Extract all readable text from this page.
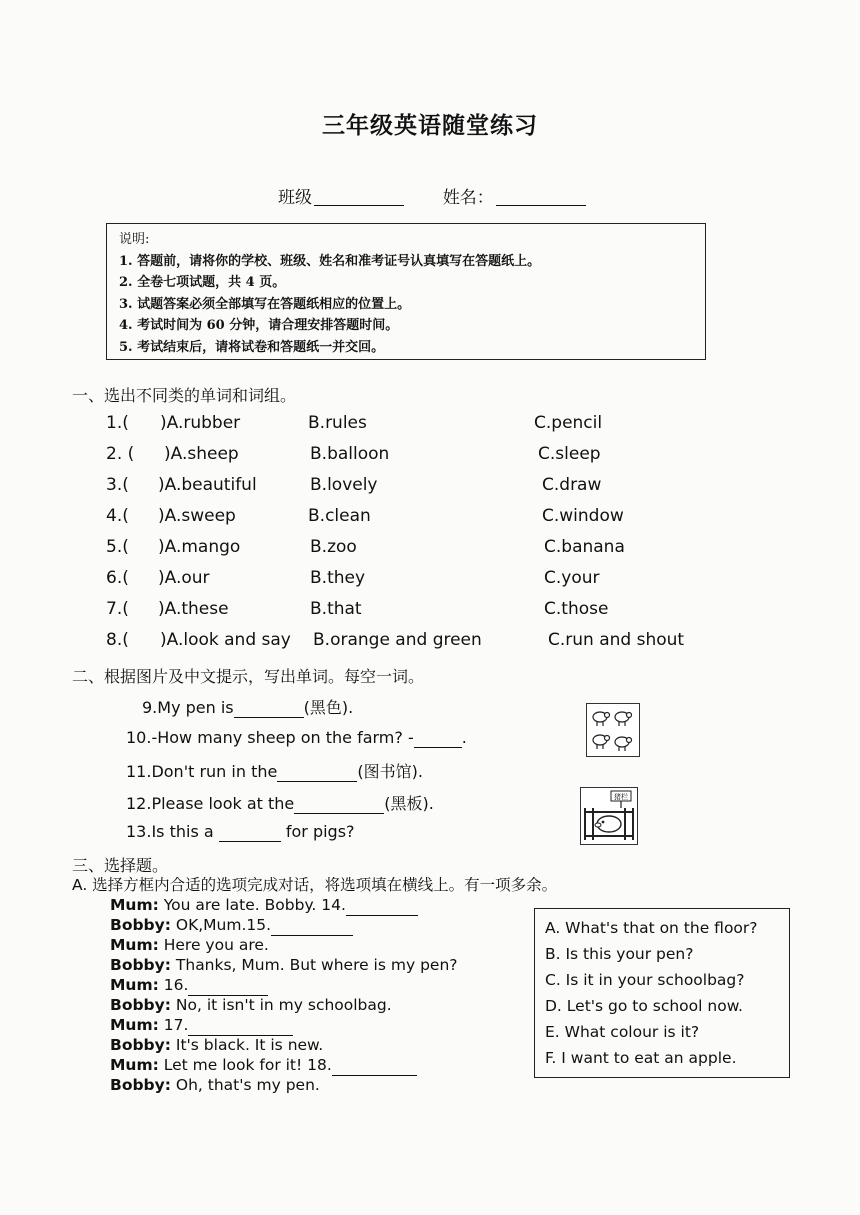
三年级英语随堂练习
班级	姓名：
说明:
1. 答题前，请将你的学校、班级、姓名和准考证号认真填写在答题纸上。
2. 全卷七项试题，共 4 页。
3. 试题答案必须全部填写在答题纸相应的位置上。
4. 考试时间为 60 分钟，请合理安排答题时间。
5. 考试结束后，请将试卷和答题纸一并交回。
一、选出不同类的单词和词组。
1.( )A.rubber	B.rules	C.pencil
2. ( )A.sheep	B.balloon	C.sleep
3.( )A.beautiful	B.lovely	C.draw
4.( )A.sweep	B.clean	C.window
5.( )A.mango	B.zoo	C.banana
6.( )A.our	B.they	C.your
7.( )A.these	B.that	C.those
8.( )A.look and say B.orange and green	C.run and shout
二、根据图片及中文提示，写出单词。每空一词。
9.My pen is	(黑色).
10.-How many sheep on the farm? -	.
11.Don't run in the	(图书馆).
12.Please look at the	(黑板).
13.Is this a	for pigs?
猪栏
三、选择题。
A. 选择方框内合适的选项完成对话，将选项填在横线上。有一项多余。
Mum: You are late. Bobby. 14.
Bobby: OK,Mum.15.
Mum: Here you are.
Bobby: Thanks, Mum. But where is my pen?
Mum: 16.
Bobby: No, it isn't in my schoolbag.
Mum: 17.
Bobby: It's black. It is new.
Mum: Let me look for it! 18.
Bobby: Oh, that's my pen.
A. What's that on the floor?
B. Is this your pen?
C. Is it in your schoolbag?
D. Let's go to school now.
E. What colour is it?
F. I want to eat an apple.
